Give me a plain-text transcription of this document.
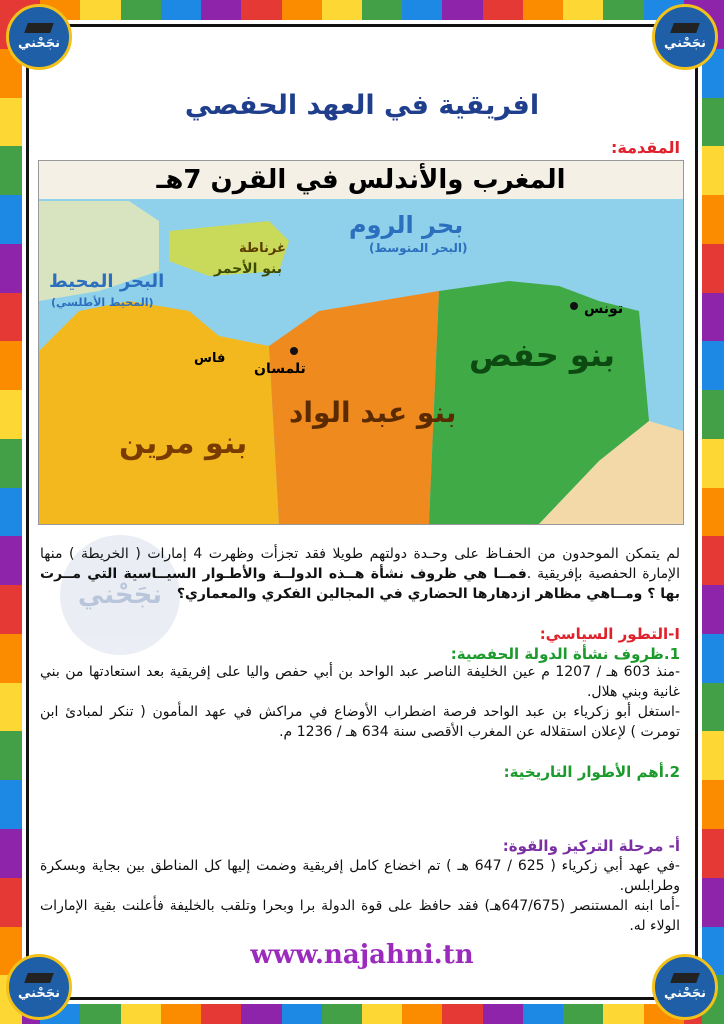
نجَحْني	نجَحْني
نجَحْني	نجَحْني
افريقية في العهد الحفصي
المقدمة:
المغرب والأندلس في القرن 7هـ
غرناطة
بنو الأحمر
بحر الروم
(البحر المتوسط)
البحر المحيط
(المحيط الأطلسي)
بنو مرين
بنو عبد الواد
بنو حفص
تونس
تلمسان
فاس
نجَحْني
لم يتمكن الموحدون من الحفـاظ على وحـدة دولتهم طويلا فقد تجزأت وظهرت 4 إمارات ( الخريطة ) منها الإمارة الحفصية بإفريقية .فمــا هي ظروف نشأة هــذه الدولــة والأطـوار السيــاسية التي مــرت بها ؟ ومــاهي مظاهر ازدهارها الحضاري في المجالين الفكري والمعماري؟
I-التطور السياسي:
1.ظروف نشأة الدولة الحفصية:
-منذ 603 هـ / 1207 م عين الخليفة الناصر عبد الواحد بن أبي حفص واليا على إفريقية بعد استعادتها من بني غانية وبني هلال.
-استغل أبو زكرياء بن عبد الواحد فرصة اضطراب الأوضاع في مراكش في عهد المأمون ( تنكر لمبادئ ابن تومرت ) لإعلان استقلاله عن المغرب الأقصى سنة 634 هـ / 1236 م.
2.أهم الأطوار التاريخية:
أ- مرحلة التركيز والقوة:
-في عهد أبي زكرياء ( 625 / 647 هـ ) تم اخضاع كامل إفريقية وضمت إليها كل المناطق بين بجاية وبسكرة وطرابلس.
-أما ابنه المستنصر (647/675هـ) فقد حافظ على قوة الدولة برا وبحرا وتلقب بالخليفة فأعلنت بقية الإمارات الولاء له.
www.najahni.tn
